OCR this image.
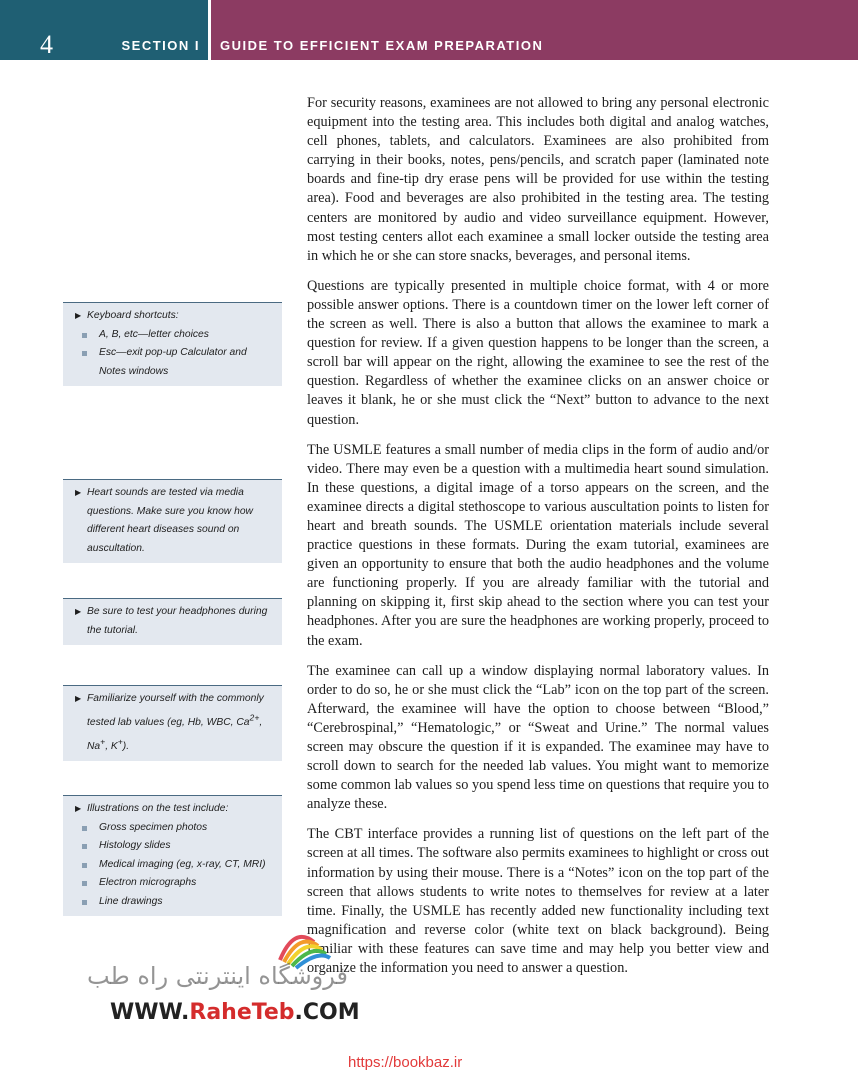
4	SECTION I GUIDE TO EFFICIENT EXAM PREPARATION

For security reasons, examinees are not allowed to bring any personal electronic equipment into the testing area. This includes both digital and analog watches, cell phones, tablets, and calculators. Examinees are also prohibited from carrying in their books, notes, pens/pencils, and scratch paper (laminated note boards and fine-tip dry erase pens will be provided for use within the testing area). Food and beverages are also prohibited in the testing area. The testing centers are monitored by audio and video surveillance equipment. However, most testing centers allot each examinee a small locker outside the testing area in which he or she can store snacks, beverages, and personal items.

Questions are typically presented in multiple choice format, with 4 or more possible answer options. There is a countdown timer on the lower left corner of the screen as well. There is also a button that allows the examinee to mark a question for review. If a given question happens to be longer than the screen, a scroll bar will appear on the right, allowing the examinee to see the rest of the question. Regardless of whether the examinee clicks on an answer choice or leaves it blank, he or she must click the “Next” button to advance to the next question.

The USMLE features a small number of media clips in the form of audio and/or video. There may even be a question with a multimedia heart sound simulation. In these questions, a digital image of a torso appears on the screen, and the examinee directs a digital stethoscope to various auscultation points to listen for heart and breath sounds. The USMLE orientation materials include several practice questions in these formats. During the exam tutorial, examinees are given an opportunity to ensure that both the audio headphones and the volume are functioning properly. If you are already familiar with the tutorial and planning on skipping it, first skip ahead to the section where you can test your headphones. After you are sure the headphones are working properly, proceed to the exam.

The examinee can call up a window displaying normal laboratory values. In order to do so, he or she must click the “Lab” icon on the top part of the screen. Afterward, the examinee will have the option to choose between “Blood,” “Cerebrospinal,” “Hematologic,” or “Sweat and Urine.” The normal values screen may obscure the question if it is expanded. The examinee may have to scroll down to search for the needed lab values. You might want to memorize some common lab values so you spend less time on questions that require you to analyze these.

The CBT interface provides a running list of questions on the left part of the screen at all times. The software also permits examinees to highlight or cross out information by using their mouse. There is a “Notes” icon on the top part of the screen that allows students to write notes to themselves for review at a later time. Finally, the USMLE has recently added new functionality including text magnification and reverse color (white text on black background). Being familiar with these features can save time and may help you better view and organize the information you need to answer a question.

▶ Keyboard shortcuts:
A, B, etc—letter choices
Esc—exit pop-up Calculator and Notes windows
▶ Heart sounds are tested via media questions. Make sure you know how different heart diseases sound on auscultation.
▶ Be sure to test your headphones during the tutorial.
▶ Familiarize yourself with the commonly tested lab values (eg, Hb, WBC, $Ca^{2+}$, Na+, K+).
▶ Illustrations on the test include:
Gross specimen photos
Histology slides
Medical imaging (eg, x-ray, CT, MRI)
Electron micrographs
Line drawings
فروشگاه اینترنتی راه طب
WWW.RaheTeb.COM
https://bookbaz.ir
